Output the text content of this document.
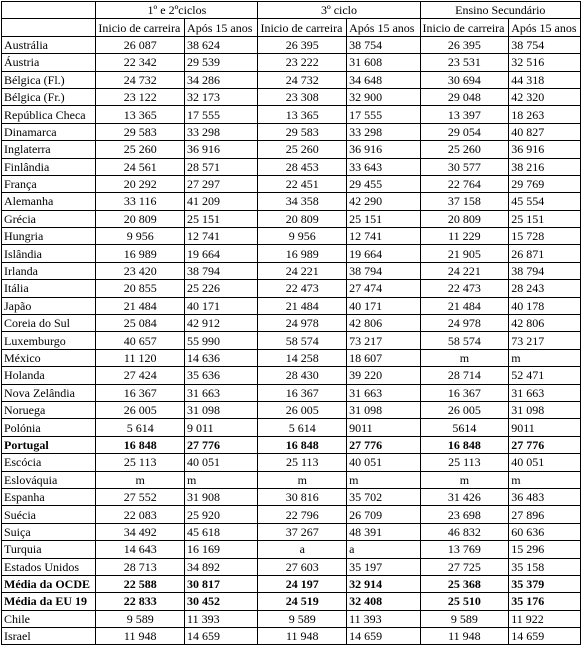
	1º e 2ºciclos		3º ciclo		Ensino Secundário	
	Inicio de carreira	Após 15 anos	Inicio de carreira	Após 15 anos	Inicio de carreira	Após 15 anos
Austrália	26 087	38 624	26 395	38 754	26 395	38 754
Áustria	22 342	29 539	23 222	31 608	23 531	32 516
Bélgica (Fl.)	24 732	34 286	24 732	34 648	30 694	44 318
Bélgica (Fr.)	23 122	32 173	23 308	32 900	29 048	42 320
República Checa	13 365	17 555	13 365	17 555	13 397	18 263
Dinamarca	29 583	33 298	29 583	33 298	29 054	40 827
Inglaterra	25 260	36 916	25 260	36 916	25 260	36 916
Finlândia	24 561	28 571	28 453	33 643	30 577	38 216
França	20 292	27 297	22 451	29 455	22 764	29 769
Alemanha	33 116	41 209	34 358	42 290	37 158	45 554
Grécia	20 809	25 151	20 809	25 151	20 809	25 151
Hungria	9 956	12 741	9 956	12 741	11 229	15 728
Islândia	16 989	19 664	16 989	19 664	21 905	26 871
Irlanda	23 420	38 794	24 221	38 794	24 221	38 794
Itália	20 855	25 226	22 473	27 474	22 473	28 243
Japão	21 484	40 171	21 484	40 171	21 484	40 178
Coreia do Sul	25 084	42 912	24 978	42 806	24 978	42 806
Luxemburgo	40 657	55 990	58 574	73 217	58 574	73 217
México	11 120	14 636	14 258	18 607	m	m
Holanda	27 424	35 636	28 430	39 220	28 714	52 471
Nova Zelândia	16 367	31 663	16 367	31 663	16 367	31 663
Noruega	26 005	31 098	26 005	31 098	26 005	31 098
Polónia	5 614	9 011	5 614	9011	5614	9011
Portugal	16 848	27 776	16 848	27 776	16 848	27 776
Escócia	25 113	40 051	25 113	40 051	25 113	40 051
Eslováquia	m	m	m	m	m	m
Espanha	27 552	31 908	30 816	35 702	31 426	36 483
Suécia	22 083	25 920	22 796	26 709	23 698	27 896
Suiça	34 492	45 618	37 267	48 391	46 832	60 636
Turquia	14 643	16 169	a	a	13 769	15 296
Estados Unidos	28 713	34 892	27 603	35 197	27 725	35 158
Média da OCDE	22 588	30 817	24 197	32 914	25 368	35 379
Média da EU 19	22 833	30 452	24 519	32 408	25 510	35 176
Chile	9 589	11 393	9 589	11 393	9 589	11 922
Israel	11 948	14 659	11 948	14 659	11 948	14 659
